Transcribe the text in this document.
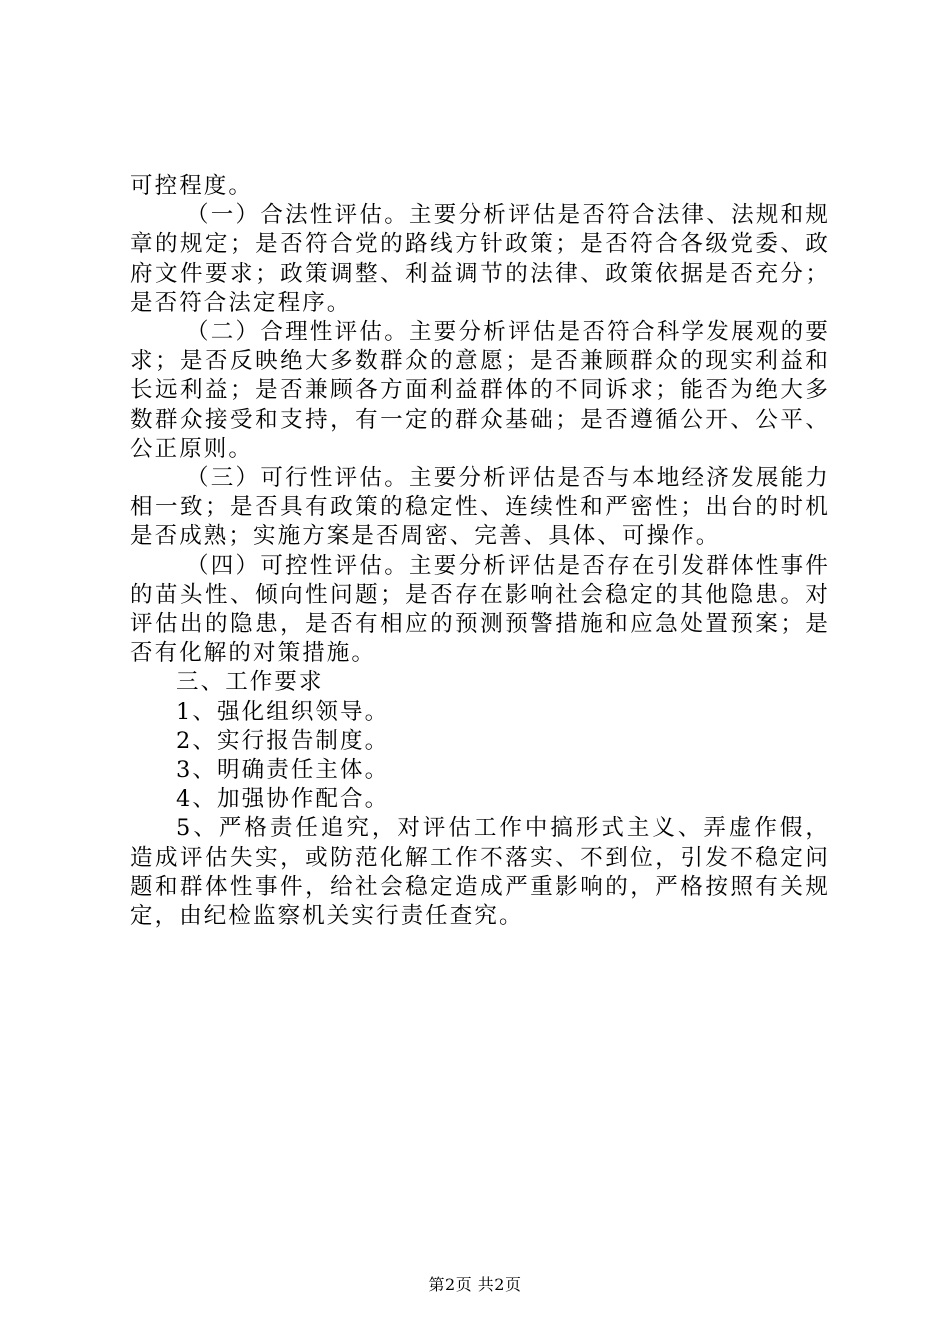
可控程度。

（一）合法性评估。主要分析评估是否符合法律、法规和规章的规定；是否符合党的路线方针政策；是否符合各级党委、政府文件要求；政策调整、利益调节的法律、政策依据是否充分；是否符合法定程序。

（二）合理性评估。主要分析评估是否符合科学发展观的要求；是否反映绝大多数群众的意愿；是否兼顾群众的现实利益和长远利益；是否兼顾各方面利益群体的不同诉求；能否为绝大多数群众接受和支持，有一定的群众基础；是否遵循公开、公平、公正原则。

（三）可行性评估。主要分析评估是否与本地经济发展能力相一致；是否具有政策的稳定性、连续性和严密性；出台的时机是否成熟；实施方案是否周密、完善、具体、可操作。

（四）可控性评估。主要分析评估是否存在引发群体性事件的苗头性、倾向性问题；是否存在影响社会稳定的其他隐患。对评估出的隐患，是否有相应的预测预警措施和应急处置预案；是否有化解的对策措施。

三、工作要求

1、强化组织领导。

2、实行报告制度。

3、明确责任主体。

4、加强协作配合。

5、严格责任追究，对评估工作中搞形式主义、弄虚作假，造成评估失实，或防范化解工作不落实、不到位，引发不稳定问题和群体性事件，给社会稳定造成严重影响的，严格按照有关规定，由纪检监察机关实行责任查究。

第2页 共2页
